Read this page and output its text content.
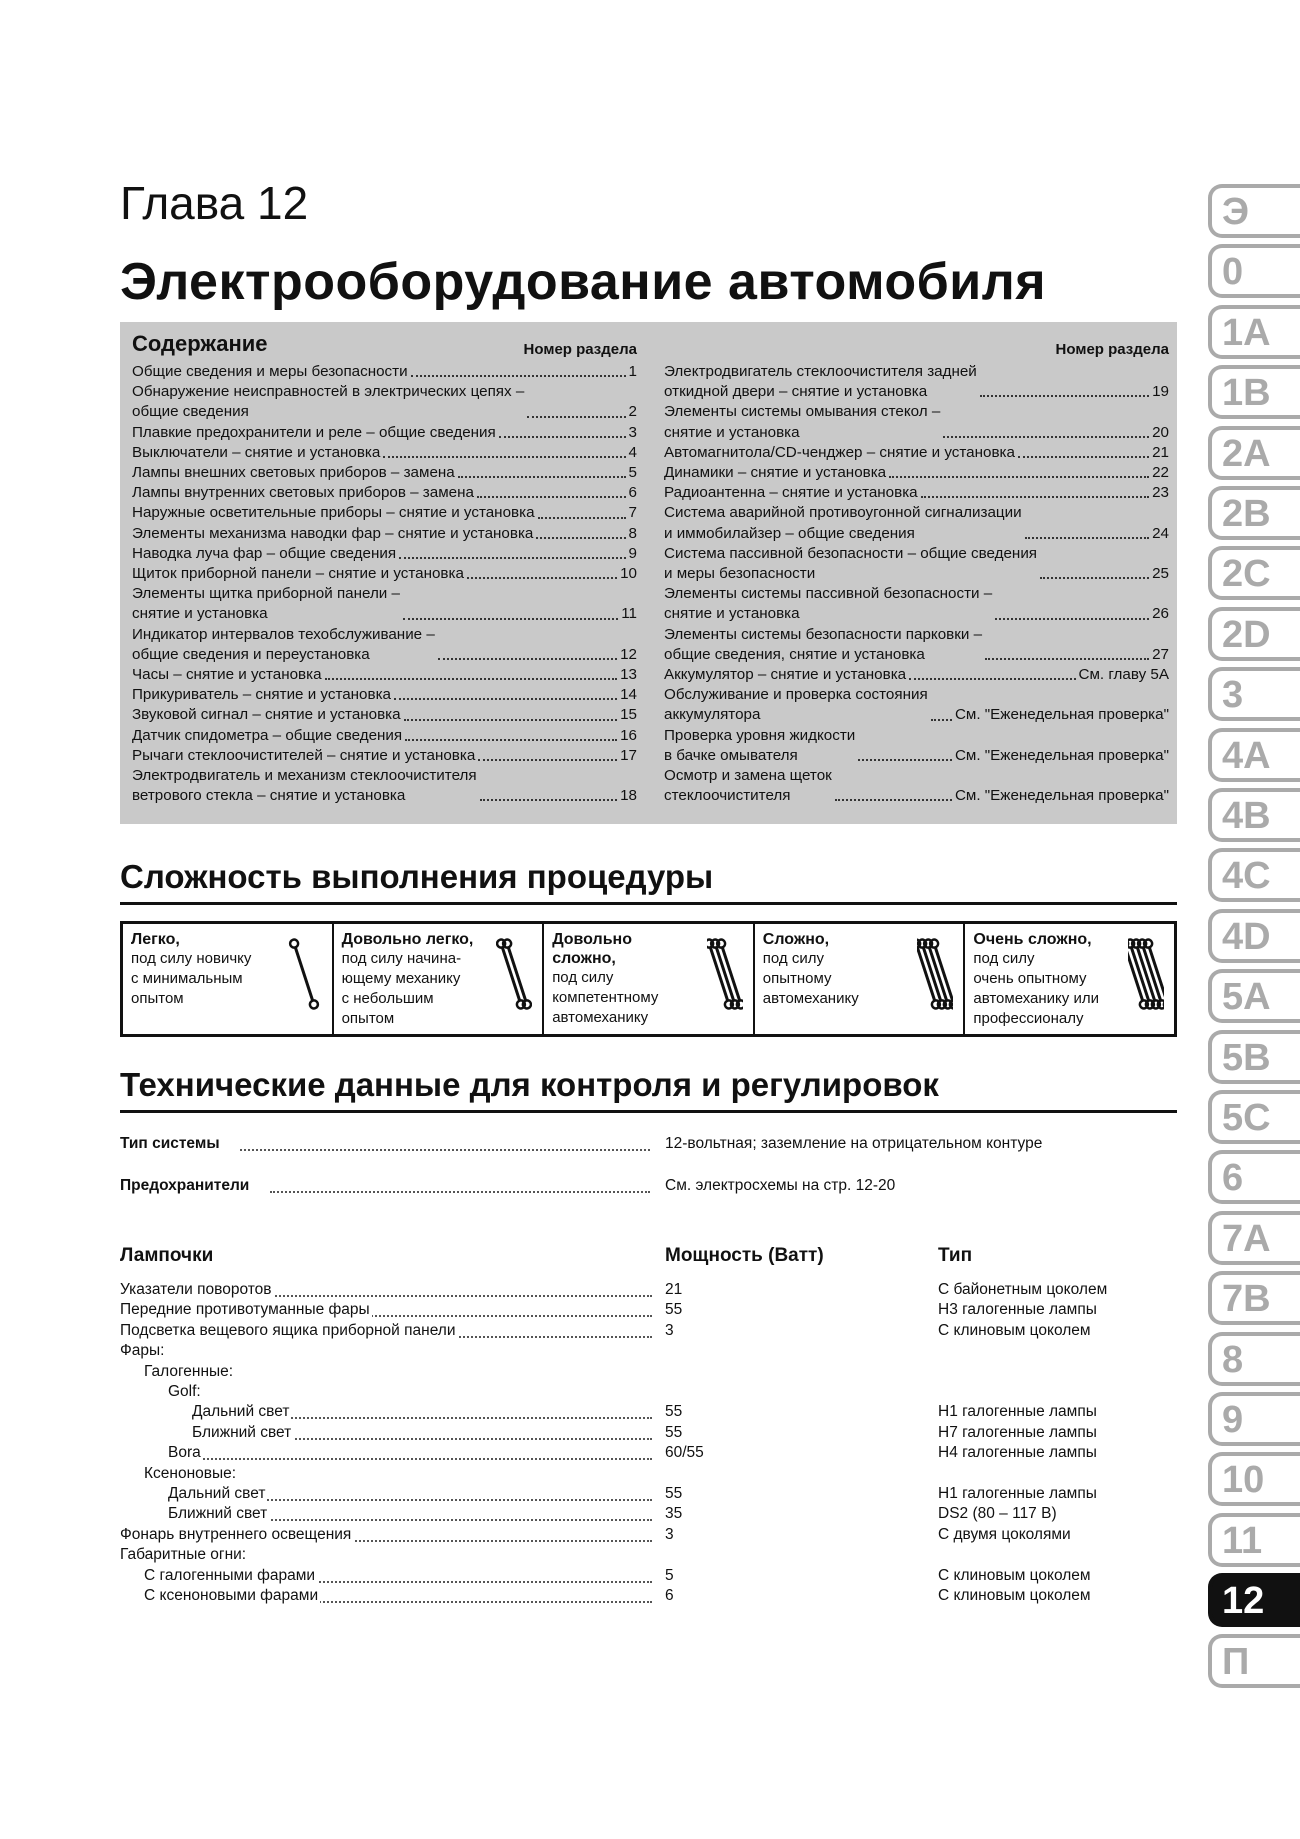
Глава 12
Электрооборудование автомобиля
Содержание	Номер раздела
Общие сведения и меры безопасности	1
Обнаружение неисправностей в электрических цепях –
общие сведения	2
Плавкие предохранители и реле – общие сведения	3
Выключатели – снятие и установка	4
Лампы внешних световых приборов – замена	5
Лампы внутренних световых приборов – замена	6
Наружные осветительные приборы – снятие и установка	7
Элементы механизма наводки фар – снятие и установка	8
Наводка луча фар – общие сведения	9
Щиток приборной панели – снятие и установка	10
Элементы щитка приборной панели –
снятие и установка	11
Индикатор интервалов техобслуживание –
общие сведения и переустановка	12
Часы – снятие и установка	13
Прикуриватель – снятие и установка	14
Звуковой сигнал – снятие и установка	15
Датчик спидометра – общие сведения	16
Рычаги стеклоочистителей – снятие и установка	17
Электродвигатель и механизм стеклоочистителя
ветрового стекла – снятие и установка	18
Номер раздела
Электродвигатель стеклоочистителя задней
откидной двери – снятие и установка	19
Элементы системы омывания стекол –
снятие и установка	20
Автомагнитола/CD-ченджер – снятие и установка	21
Динамики – снятие и установка	22
Радиоантенна – снятие и установка	23
Система аварийной противоугонной сигнализации
и иммобилайзер – общие сведения	24
Система пассивной безопасности – общие сведения
и меры безопасности	25
Элементы системы пассивной безопасности –
снятие и установка	26
Элементы системы безопасности парковки –
общие сведения, снятие и установка	27
Аккумулятор – снятие и установка	См. главу 5А
Обслуживание и проверка состояния
аккумулятора	См. "Еженедельная проверка"
Проверка уровня жидкости
в бачке омывателя	См. "Еженедельная проверка"
Осмотр и замена щеток
стеклоочистителя	См. "Еженедельная проверка"
Сложность выполнения процедуры
Легко,
под силу новичку
с минимальным
опытом
Довольно легко,
под силу начина-
ющему механику
с небольшим
опытом
Довольно
сложно,
под силу
компетентному
автомеханику
Сложно,
под силу
опытному
автомеханику
Очень сложно,
под силу
очень опытному
автомеханику или
профессионалу
Технические данные для контроля и регулировок
Тип системы	12-вольтная; заземление на отрицательном контуре
Предохранители	См. электросхемы на стр. 12-20
Лампочки	Мощность (Ватт)	Тип
Указатели поворотов	21	С байонетным цоколем
Передние противотуманные фары	55	Н3 галогенные лампы
Подсветка вещевого ящика приборной панели	3	С клиновым цоколем
Фары:
Галогенные:
Golf:
Дальний свет	55	Н1 галогенные лампы
Ближний свет	55	Н7 галогенные лампы
Bora	60/55	Н4 галогенные лампы
Ксеноновые:
Дальний свет	55	Н1 галогенные лампы
Ближний свет	35	DS2 (80 – 117 В)
Фонарь внутреннего освещения	3	С двумя цоколями
Габаритные огни:
С галогенными фарами	5	С клиновым цоколем
С ксеноновыми фарами	6	С клиновым цоколем
Э
0
1A
1B
2A
2B
2C
2D
3
4A
4B
4C
4D
5A
5B
5C
6
7A
7B
8
9
10
11
12
П
